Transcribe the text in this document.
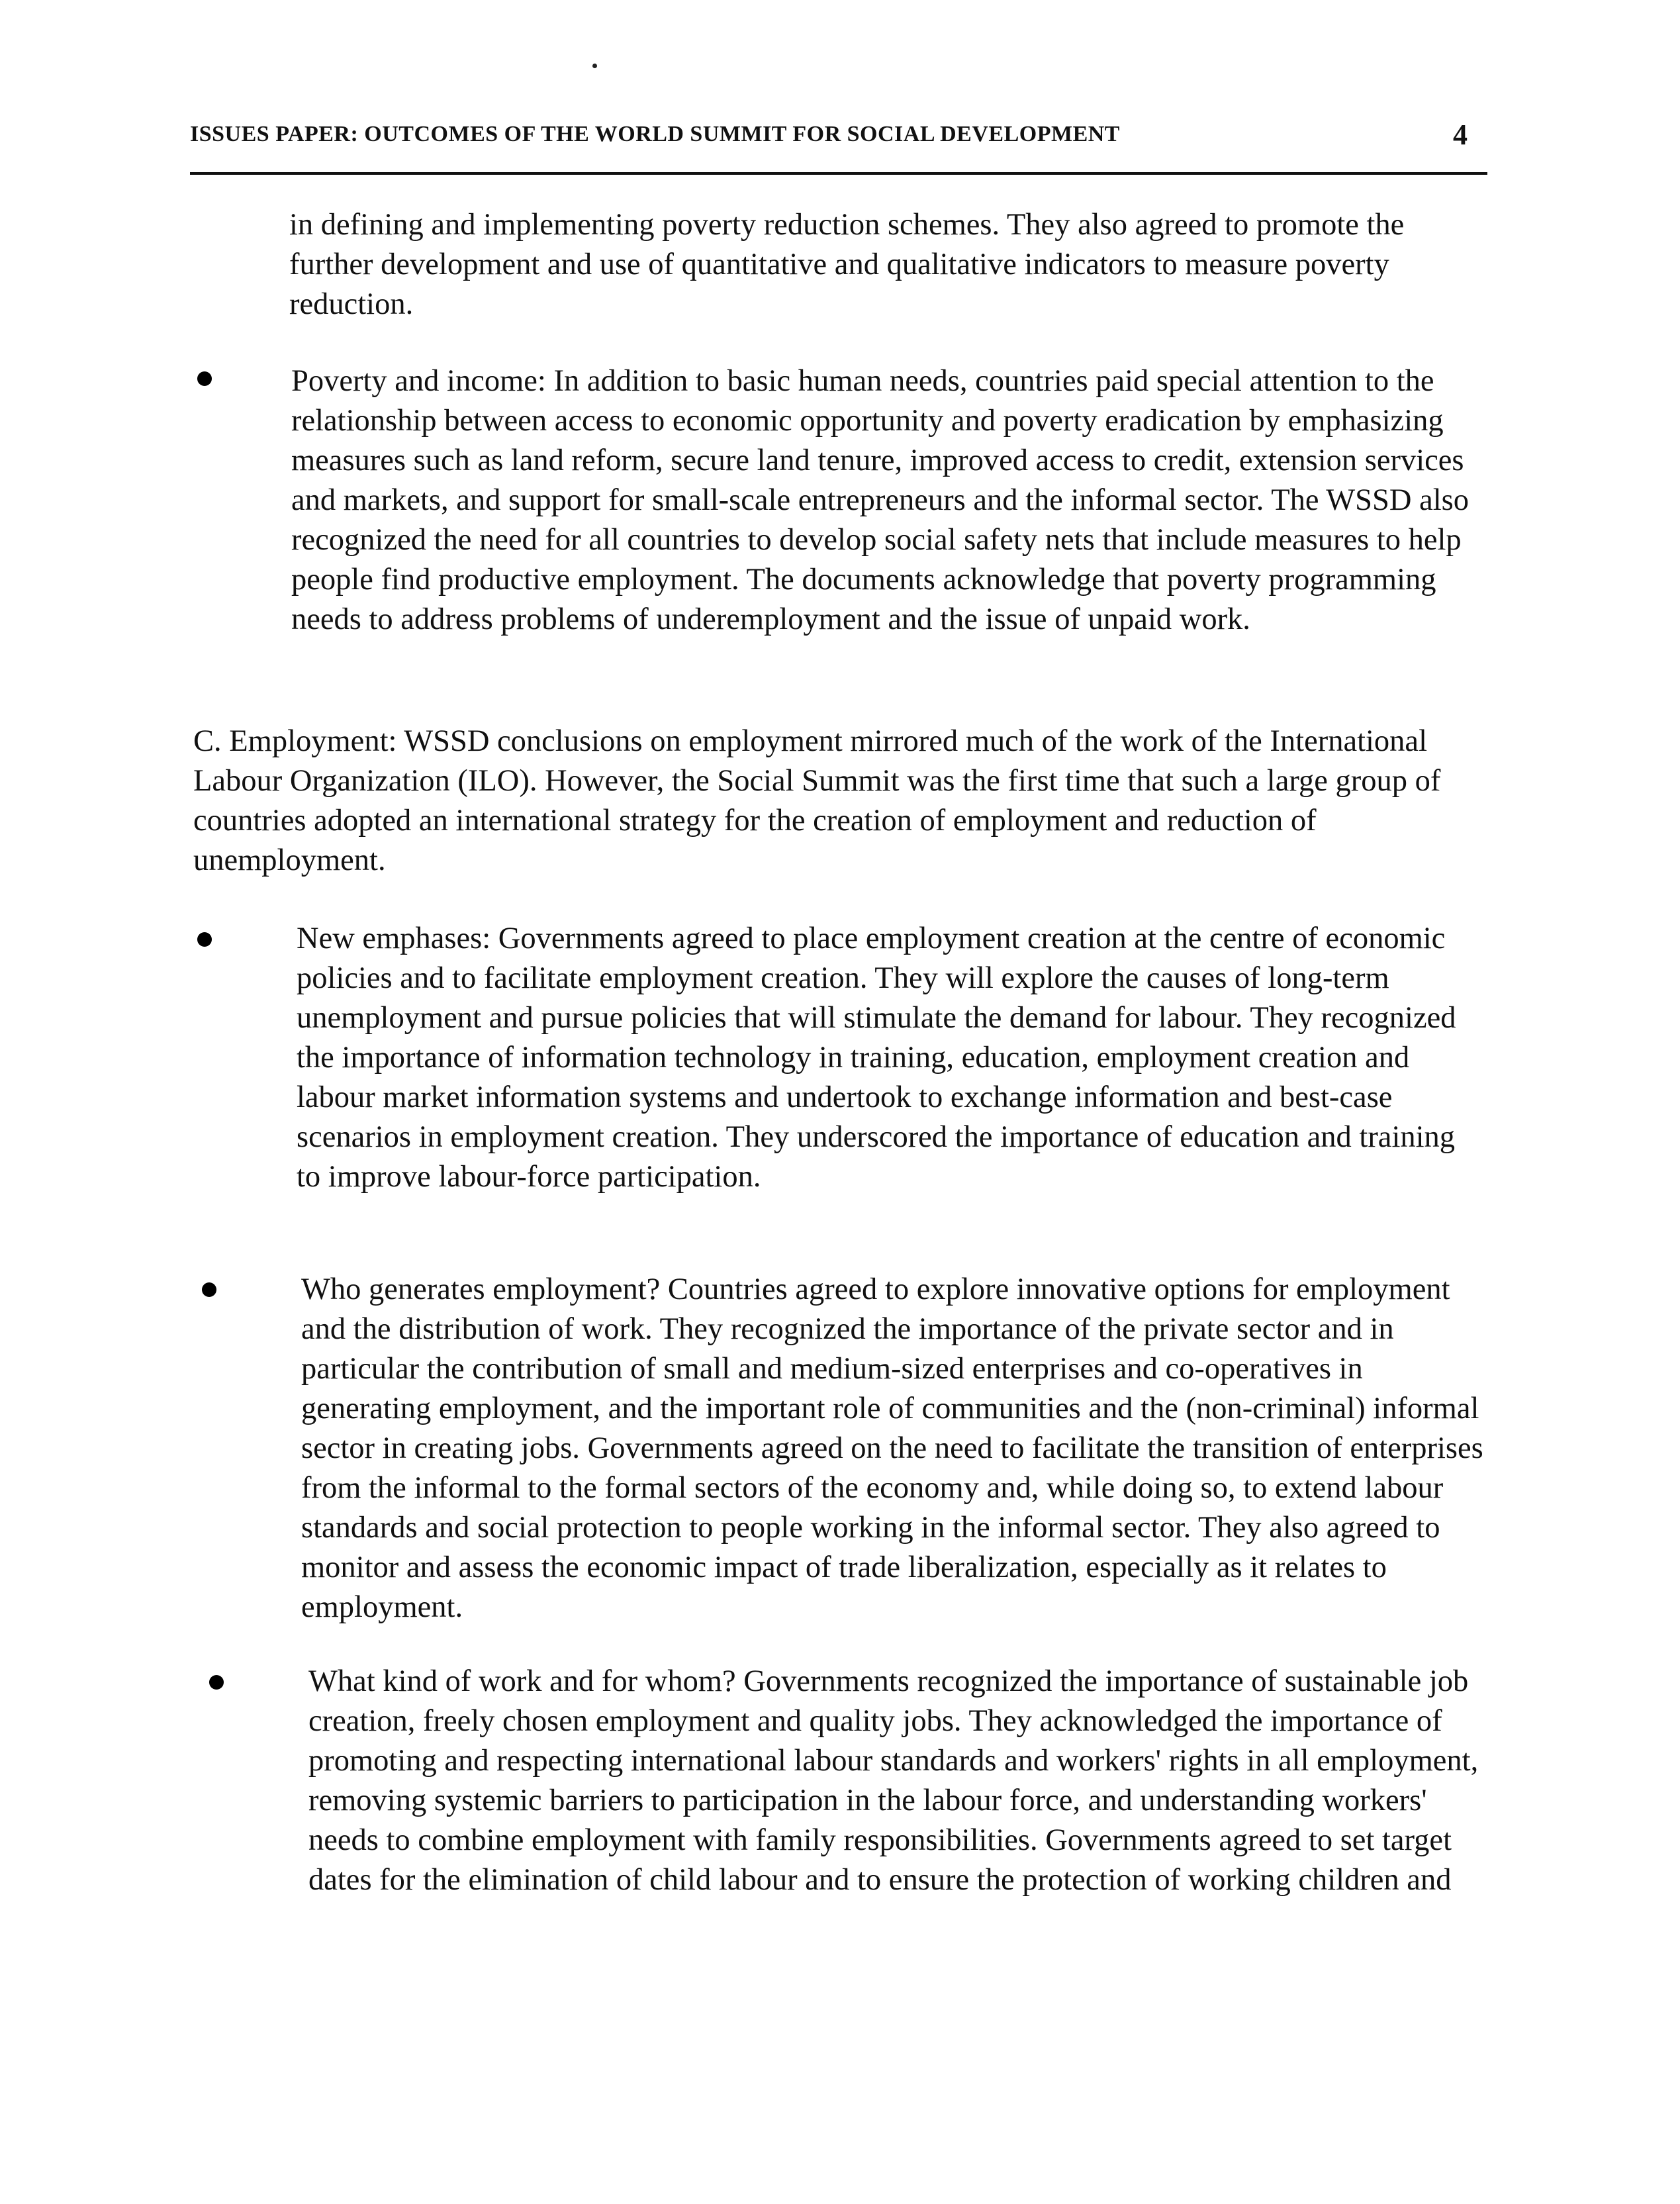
ISSUES PAPER: OUTCOMES OF THE WORLD SUMMIT FOR SOCIAL DEVELOPMENT	4

in defining and implementing poverty reduction schemes. They also agreed to promote the further development and use of quantitative and qualitative indicators to measure poverty reduction.

Poverty and income: In addition to basic human needs, countries paid special attention to the relationship between access to economic opportunity and poverty eradication by emphasizing measures such as land reform, secure land tenure, improved access to credit, extension services and markets, and support for small-scale entrepreneurs and the informal sector. The WSSD also recognized the need for all countries to develop social safety nets that include measures to help people find productive employment. The documents acknowledge that poverty programming needs to address problems of underemployment and the issue of unpaid work.

C. Employment: WSSD conclusions on employment mirrored much of the work of the International Labour Organization (ILO). However, the Social Summit was the first time that such a large group of countries adopted an international strategy for the creation of employment and reduction of unemployment.

New emphases: Governments agreed to place employment creation at the centre of economic policies and to facilitate employment creation. They will explore the causes of long-term unemployment and pursue policies that will stimulate the demand for labour. They recognized the importance of information technology in training, education, employment creation and labour market information systems and undertook to exchange information and best-case scenarios in employment creation. They underscored the importance of education and training to improve labour-force participation.

Who generates employment? Countries agreed to explore innovative options for employment and the distribution of work. They recognized the importance of the private sector and in particular the contribution of small and medium-sized enterprises and co-operatives in generating employment, and the important role of communities and the (non-criminal) informal sector in creating jobs. Governments agreed on the need to facilitate the transition of enterprises from the informal to the formal sectors of the economy and, while doing so, to extend labour standards and social protection to people working in the informal sector. They also agreed to monitor and assess the economic impact of trade liberalization, especially as it relates to employment.

What kind of work and for whom? Governments recognized the importance of sustainable job creation, freely chosen employment and quality jobs. They acknowledged the importance of promoting and respecting international labour standards and workers' rights in all employment, removing systemic barriers to participation in the labour force, and understanding workers' needs to combine employment with family responsibilities. Governments agreed to set target dates for the elimination of child labour and to ensure the protection of working children and
